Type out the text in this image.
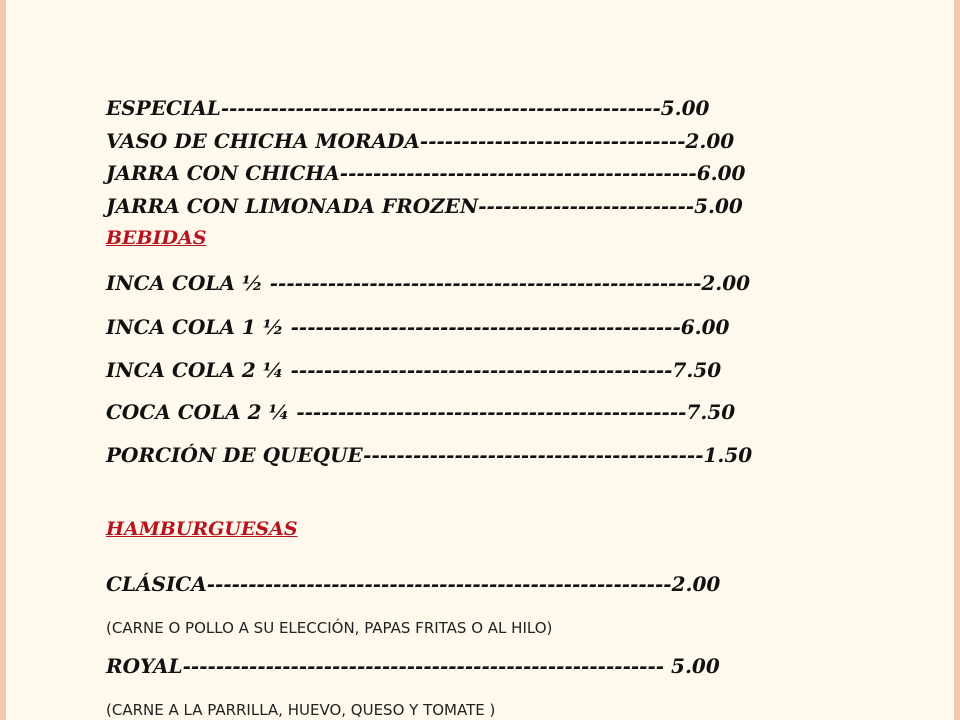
ESPECIAL-----------------------------------------------------5.00
VASO DE CHICHA MORADA--------------------------------2.00
JARRA CON CHICHA-------------------------------------------6.00
JARRA CON LIMONADA FROZEN--------------------------5.00
BEBIDAS
INCA COLA ½ ----------------------------------------------------2.00
INCA COLA 1 ½ -----------------------------------------------6.00
INCA COLA 2 ¼ ----------------------------------------------7.50
COCA COLA 2 ¼ -----------------------------------------------7.50
PORCIÓN DE QUEQUE-----------------------------------------1.50
HAMBURGUESAS
CLÁSICA--------------------------------------------------------2.00
(CARNE O POLLO A SU ELECCIÓN, PAPAS FRITAS O AL HILO)
ROYAL---------------------------------------------------------- 5.00
(CARNE A LA PARRILLA, HUEVO, QUESO Y TOMATE )
